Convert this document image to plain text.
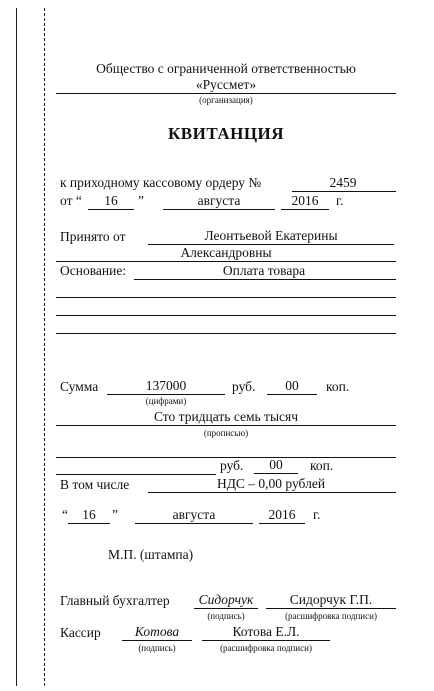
Общество с ограниченной ответственностью
«Руссмет»
(организация)
КВИТАНЦИЯ
к приходному кассовому ордеру №	2459
от “	16	”	августа	2016	г.
Принято от	Леонтьевой Екатерины
Александровны
Основание:	Оплата товара
Сумма	137000	руб.	00	коп.
(цифрами)
Сто тридцать семь тысяч
(прописью)
руб.	00	коп.
В том числе	НДС – 0,00 рублей
“	16	”	августа	2016	г.
М.П. (штампа)
Главный бухгалтер	Сидорчук	Сидорчук Г.П.
(подпись)	(расшифровка подписи)
Кассир	Котова	Котова Е.Л.
(подпись)	(расшифровка подписи)
